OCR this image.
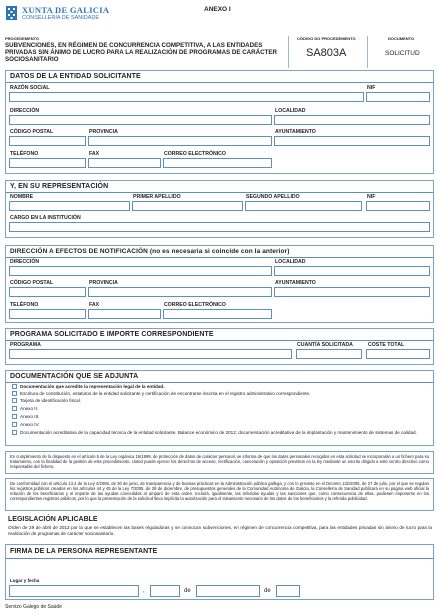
XUNTA DE GALICIA
CONSELLERÍA DE SANIDADE
ANEXO I
PROCEDEMENTO
SUBVENCIONES, EN RÉGIMEN DE CONCURRENCIA COMPETITIVA, A LAS ENTIDADES PRIVADAS SIN ÁNIMO DE LUCRO PARA LA REALIZACIÓN DE PROGRAMAS DE CARÁCTER SOCIOSANITARIO
CÓDIGO DO PROCEDEMENTO
SA803A
DOCUMENTO
SOLICITUD
DATOS DE LA ENTIDAD SOLICITANTE
RAZÓN SOCIAL	NIF
DIRECCIÓN	LOCALIDAD
CÓDIGO POSTAL	PROVINCIA	AYUNTAMIENTO
TELÉFONO	FAX	CORREO ELECTRÓNICO
Y, EN SU REPRESENTACIÓN
NOMBRE	PRIMER APELLIDO	SEGUNDO APELLIDO	NIF
CARGO EN LA INSTITUCIÓN
DIRECCIÓN A EFECTOS DE NOTIFICACIÓN (no es necesaria si coincide con la anterior)
DIRECCIÓN	LOCALIDAD
CÓDIGO POSTAL	PROVINCIA	AYUNTAMIENTO
TELÉFONO	FAX	CORREO ELECTRÓNICO
PROGRAMA SOLICITADO E IMPORTE CORRESPONDIENTE
PROGRAMA	CUANTÍA SOLICITADA	COSTE TOTAL
DOCUMENTACIÓN QUE SE ADJUNTA
Documentación que acredite la representación legal de la entidad.
Escritura de constitución, estatutos de la entidad solicitante y certificación de encontrarse inscrita en el registro administrativo correspondiente.
Tarjeta de identificación fiscal.
Anexo II.
Anexo III.
Anexo IV.
Documentación acreditativa de la capacidad técnica de la entidad solicitante. Balance económico de 2012; documentación acreditativa de la implantación y mantenimiento de sistemas de calidad.
En cumplimiento de lo dispuesto en el artículo 5 de la Ley orgánica 15/1999, de protección de datos de carácter personal, se informa de que los datos personales recogidos en esta solicitud se incorporarán a un fichero para su tratamiento, con la finalidad de la gestión de este procedimiento. Usted puede ejercer los derechos de acceso, rectificación, cancelación y oposición previstos en la ley mediante un escrito dirigido a este centro directivo como responsable del fichero.
De conformidad con el artículo 13.4 de la Ley 4/2006, de 30 de junio, de transparencia y de buenas prácticas en la Administración pública gallega, y con lo previsto en el Decreto 132/2006, de 27 de julio, por el que se regulan los registros públicos creados en los artículos 44 y 45 de la Ley 7/2005, de 29 de diciembre, de presupuestos generales de la Comunidad Autónoma de Galicia, la Consellería de Sanidad publicará en su página web oficial la relación de los beneficiarios y el importe de las ayudas concedidas al amparo de esta orden. Incluirá, igualmente, las referidas ayudas y las sanciones que, como consecuencia de ellas, pudiesen imponerse en los correspondientes registros públicos, por lo que la presentación de la solicitud lleva implícita la autorización para el tratamiento necesario de los datos de los beneficiarios y la referida publicidad.
LEGISLACIÓN APLICABLE
Orden de 29 de abril de 2013 por la que se establecen las bases reguladoras y se convocan subvenciones, en régimen de concurrencia competitiva, para las entidades privadas sin ánimo de lucro para la realización de programas de carácter sociosanitario.
FIRMA DE LA PERSONA REPRESENTANTE
Lugar y fecha
,	de	de
Servizo Galego de Saúde
